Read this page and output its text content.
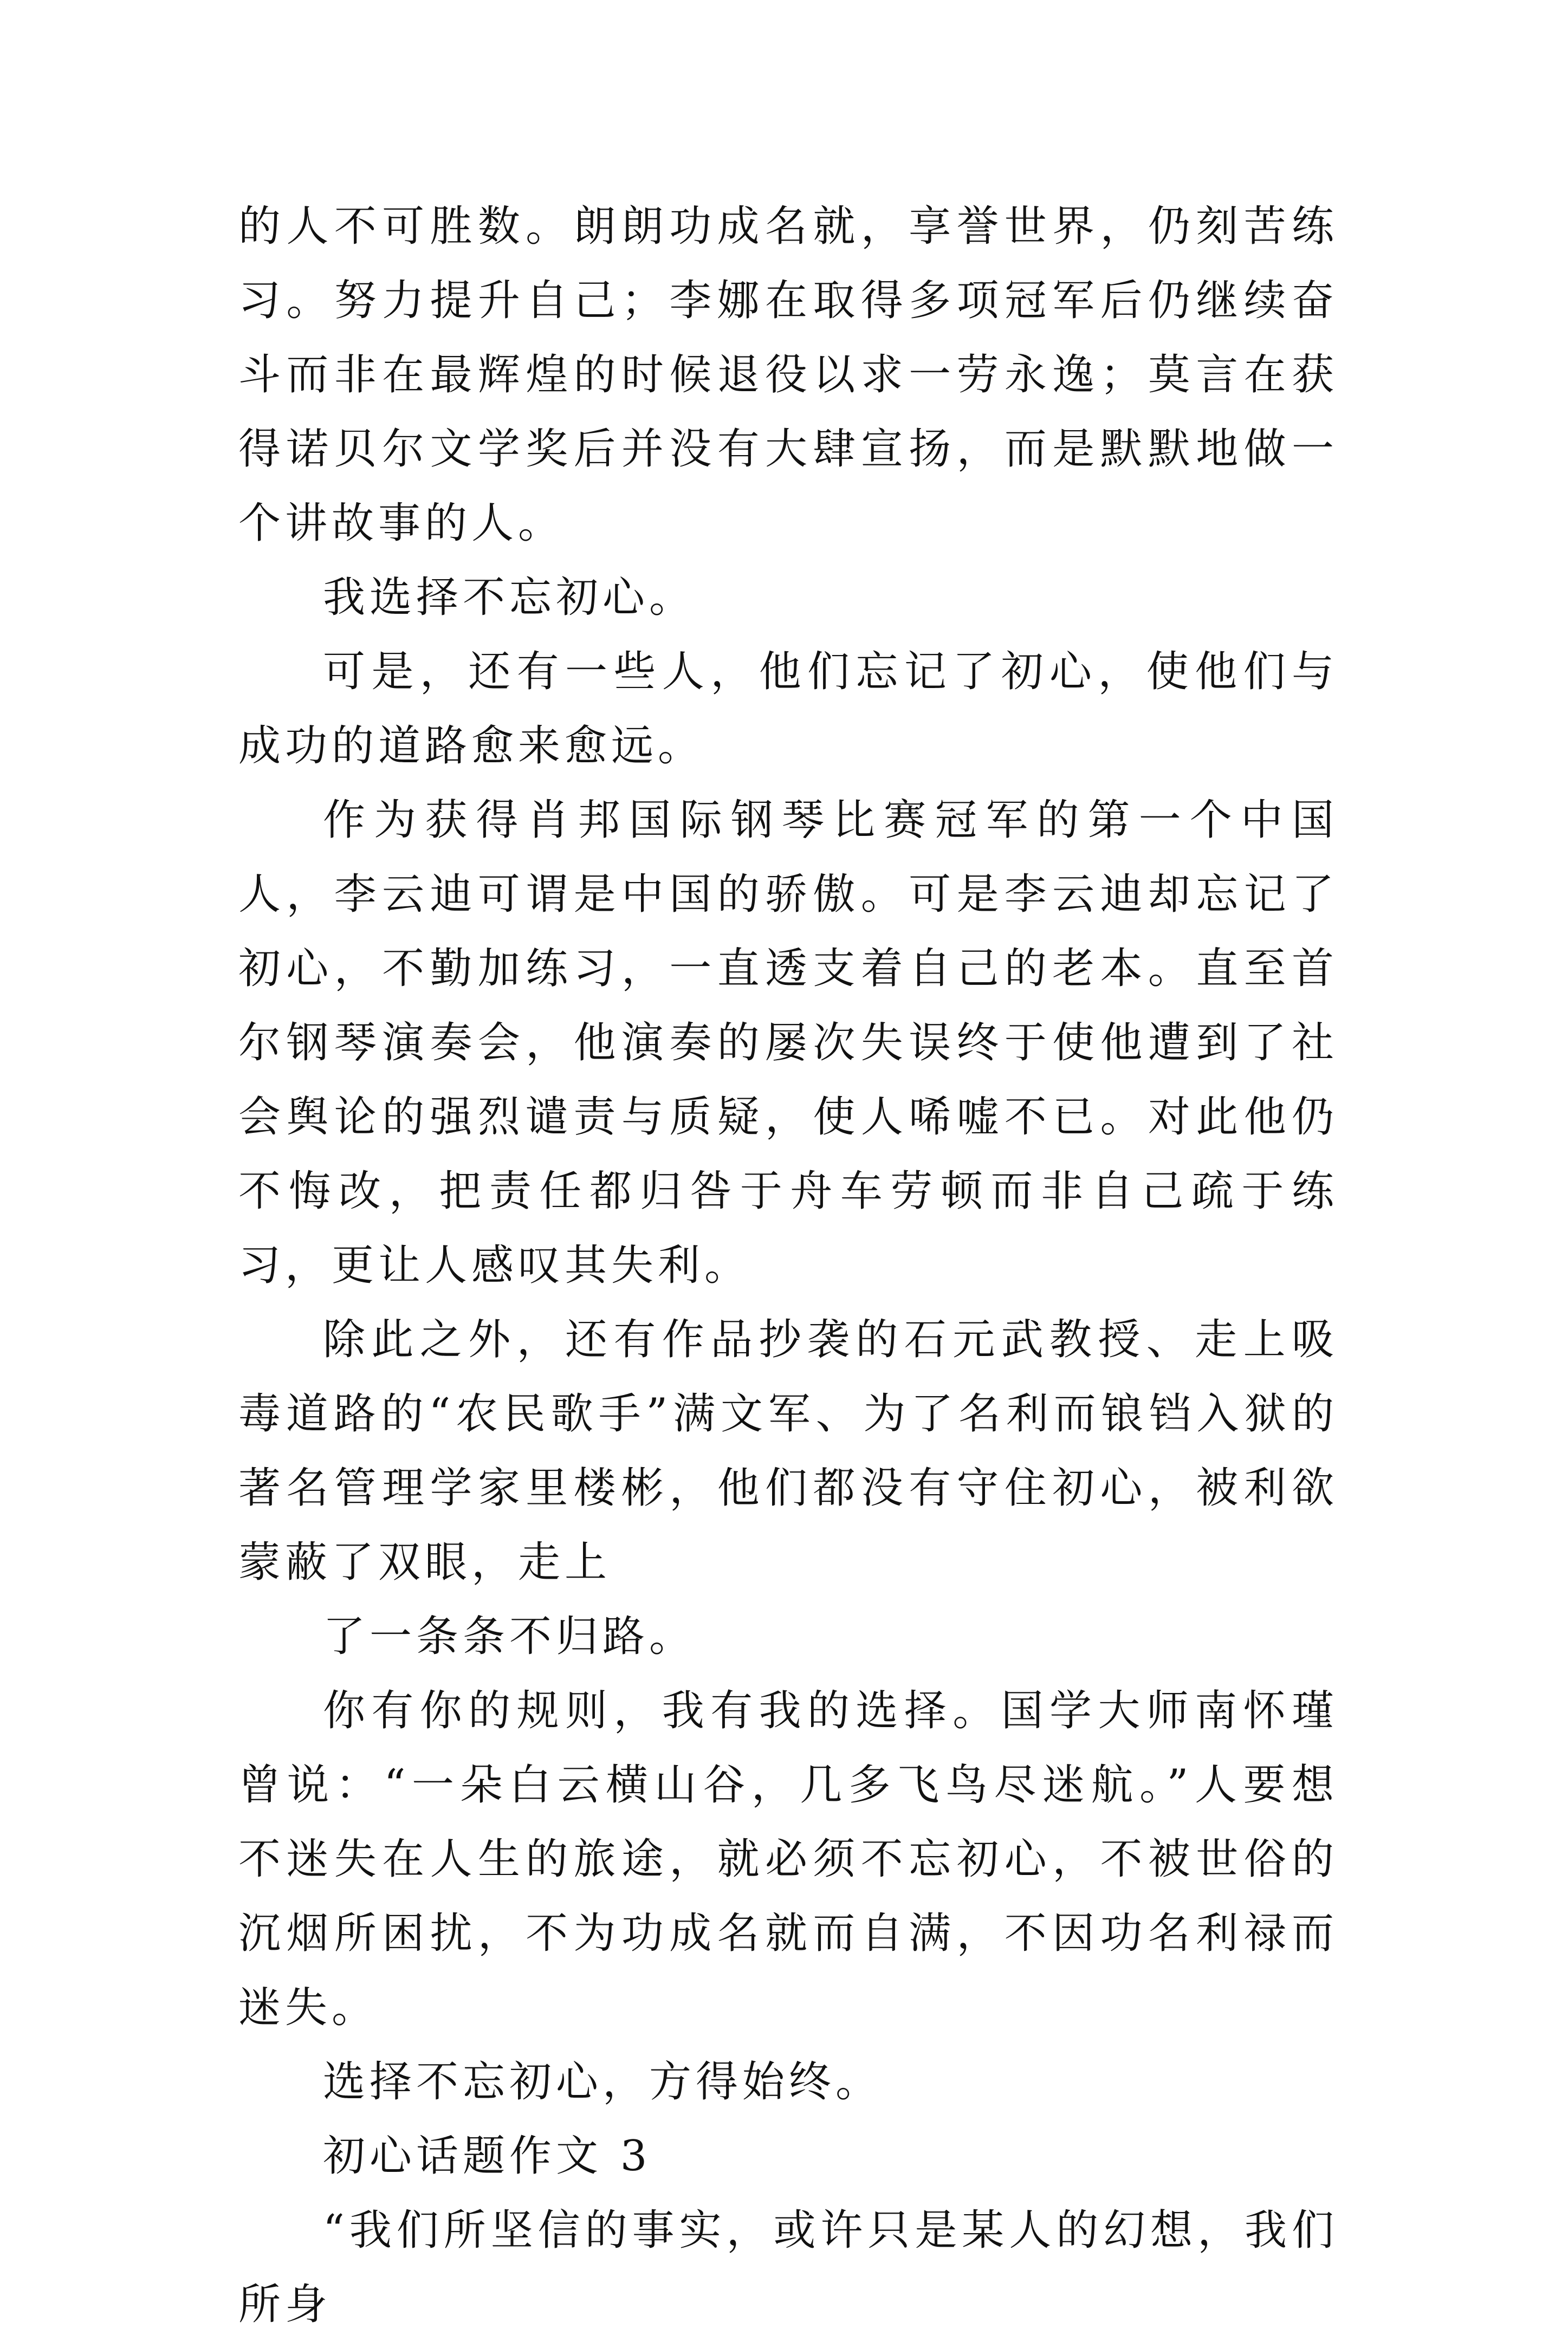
的人不可胜数。朗朗功成名就，享誉世界，仍刻苦练习。努力提升自己；李娜在取得多项冠军后仍继续奋斗而非在最辉煌的时候退役以求一劳永逸；莫言在获得诺贝尔文学奖后并没有大肆宣扬，而是默默地做一个讲故事的人。

我选择不忘初心。

可是，还有一些人，他们忘记了初心，使他们与成功的道路愈来愈远。

作为获得肖邦国际钢琴比赛冠军的第一个中国人，李云迪可谓是中国的骄傲。可是李云迪却忘记了初心，不勤加练习，一直透支着自己的老本。直至首尔钢琴演奏会，他演奏的屡次失误终于使他遭到了社会舆论的强烈谴责与质疑，使人唏嘘不已。对此他仍不悔改，把责任都归咎于舟车劳顿而非自己疏于练习，更让人感叹其失利。

除此之外，还有作品抄袭的石元武教授、走上吸毒道路的“农民歌手”满文军、为了名利而锒铛入狱的著名管理学家里楼彬，他们都没有守住初心，被利欲蒙蔽了双眼，走上

了一条条不归路。

你有你的规则，我有我的选择。国学大师南怀瑾曾说：“一朵白云横山谷，几多飞鸟尽迷航。”人要想不迷失在人生的旅途，就必须不忘初心，不被世俗的沉烟所困扰，不为功成名就而自满，不因功名利禄而迷失。

选择不忘初心，方得始终。

初心话题作文 3

“我们所坚信的事实，或许只是某人的幻想，我们所身
